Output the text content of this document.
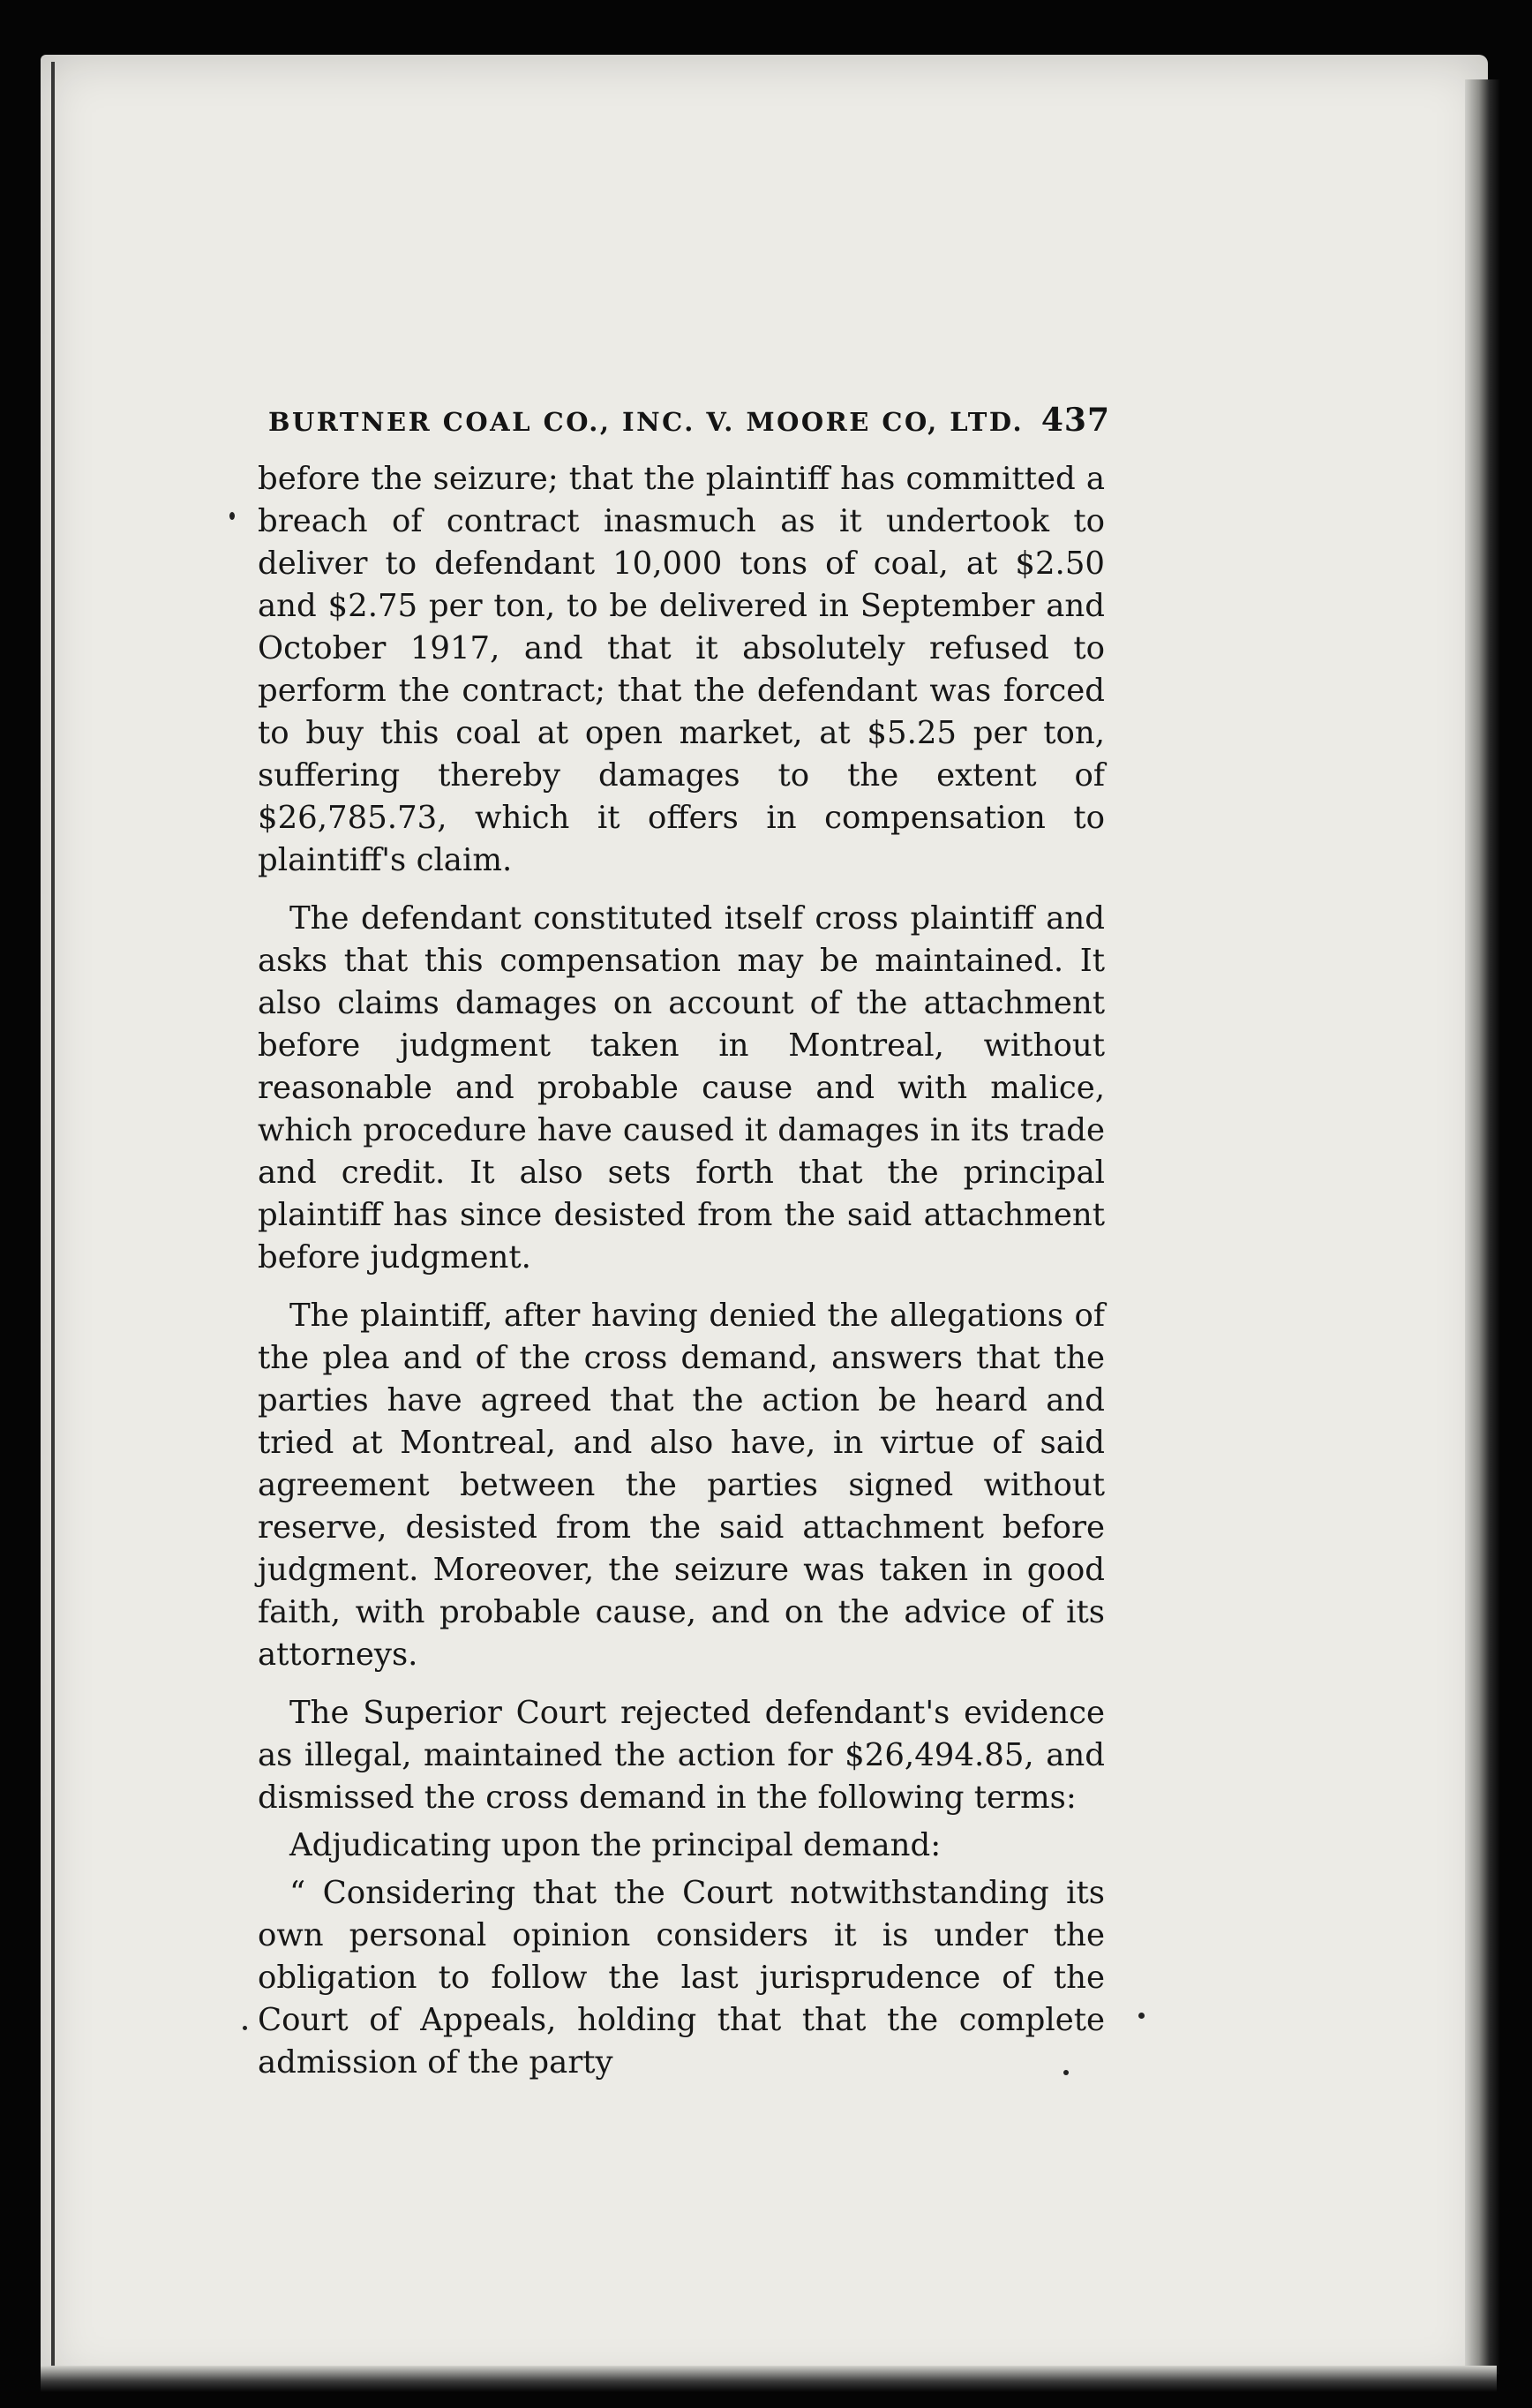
BURTNER COAL CO., INC. V. MOORE CO, LTD. 437

before the seizure; that the plaintiff has committed a breach of contract inasmuch as it undertook to deliver to defendant 10,000 tons of coal, at $2.50 and $2.75 per ton, to be delivered in September and October 1917, and that it absolutely refused to perform the contract; that the defendant was forced to buy this coal at open market, at $5.25 per ton, suffering thereby damages to the extent of $26,785.73, which it offers in compensation to plaintiff's claim.

The defendant constituted itself cross plaintiff and asks that this compensation may be maintained. It also claims damages on account of the attachment before judgment taken in Montreal, without reasonable and probable cause and with malice, which procedure have caused it damages in its trade and credit. It also sets forth that the principal plaintiff has since desisted from the said attachment before judgment.

The plaintiff, after having denied the allegations of the plea and of the cross demand, answers that the parties have agreed that the action be heard and tried at Montreal, and also have, in virtue of said agreement between the parties signed without reserve, desisted from the said attachment before judgment. Moreover, the seizure was taken in good faith, with probable cause, and on the advice of its attorneys.

The Superior Court rejected defendant's evidence as illegal, maintained the action for $26,494.85, and dismissed the cross demand in the following terms:

Adjudicating upon the principal demand:

“ Considering that the Court notwithstanding its own personal opinion considers it is under the obligation to follow the last jurisprudence of the Court of Appeals, holding that that the complete admission of the party
